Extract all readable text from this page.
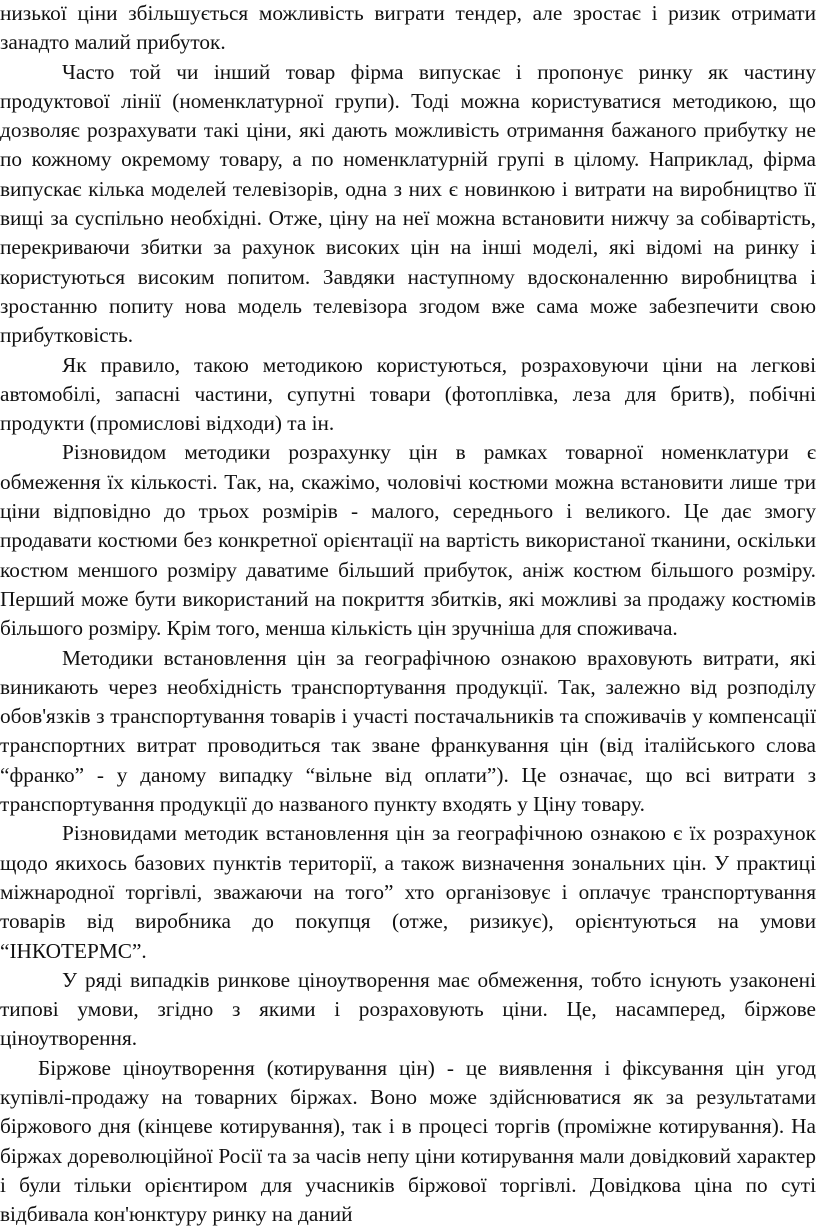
низької ціни збільшується можливість виграти тендер, але зростає і ризик отримати занадто малий прибуток.

Часто той чи інший товар фірма випускає і пропонує ринку як частину продуктової лінії (номенклатурної групи). Тоді можна користуватися методикою, що дозволяє розрахувати такі ціни, які дають можливість отримання бажаного прибутку не по кожному окремому товару, а по номенклатурній групі в цілому. Наприклад, фірма випускає кілька моделей телевізорів, одна з них є новинкою і витрати на виробництво її вищі за суспільно необхідні. Отже, ціну на неї можна встановити нижчу за собівартість, перекриваючи збитки за рахунок високих цін на інші моделі, які відомі на ринку і користуються високим попитом. Завдяки наступному вдосконаленню виробництва і зростанню попиту нова модель телевізора згодом вже сама може забезпечити свою прибутковість.

Як правило, такою методикою користуються, розраховуючи ціни на легкові автомобілі, запасні частини, супутні товари (фотоплівка, леза для бритв), побічні продукти (промислові відходи) та ін.

Різновидом методики розрахунку цін в рамках товарної номенклатури є обмеження їх кількості. Так, на, скажімо, чоловічі костюми можна встановити лише три ціни відповідно до трьох розмірів - малого, середнього і великого. Це дає змогу продавати костюми без конкретної орієнтації на вартість використаної тканини, оскільки костюм меншого розміру даватиме більший прибуток, аніж костюм більшого розміру. Перший може бути використаний на покриття збитків, які можливі за продажу костюмів більшого розміру. Крім того, менша кількість цін зручніша для споживача.

Методики встановлення цін за географічною ознакою враховують витрати, які виникають через необхідність транспортування продукції. Так, залежно від розподілу обов'язків з транспортування товарів і участі постачальників та споживачів у компенсації транспортних витрат проводиться так зване франкування цін (від італійського слова “франко” - у даному випадку “вільне від оплати”). Це означає, що всі витрати з транспортування продукції до названого пункту входять у Ціну товару.

Різновидами методик встановлення цін за географічною ознакою є їх розрахунок щодо якихось базових пунктів території, а також визначення зональних цін. У практиці міжнародної торгівлі, зважаючи на того” хто організовує і оплачує транспортування товарів від виробника до покупця (отже, ризикує), орієнтуються на умови “ІНКОТЕРМС”.

У ряді випадків ринкове ціноутворення має обмеження, тобто існують узаконені типові умови, згідно з якими і розраховують ціни. Це, насамперед, біржове ціноутворення.

Біржове ціноутворення (котирування цін) - це виявлення і фіксування цін угод купівлі-продажу на товарних біржах. Воно може здійснюватися як за результатами біржового дня (кінцеве котирування), так і в процесі торгів (проміжне котирування). На біржах дореволюційної Росії та за часів непу ціни котирування мали довідковий характер і були тільки орієнтиром для учасників біржової торгівлі. Довідкова ціна по суті відбивала кон'юнктуру ринку на даний
